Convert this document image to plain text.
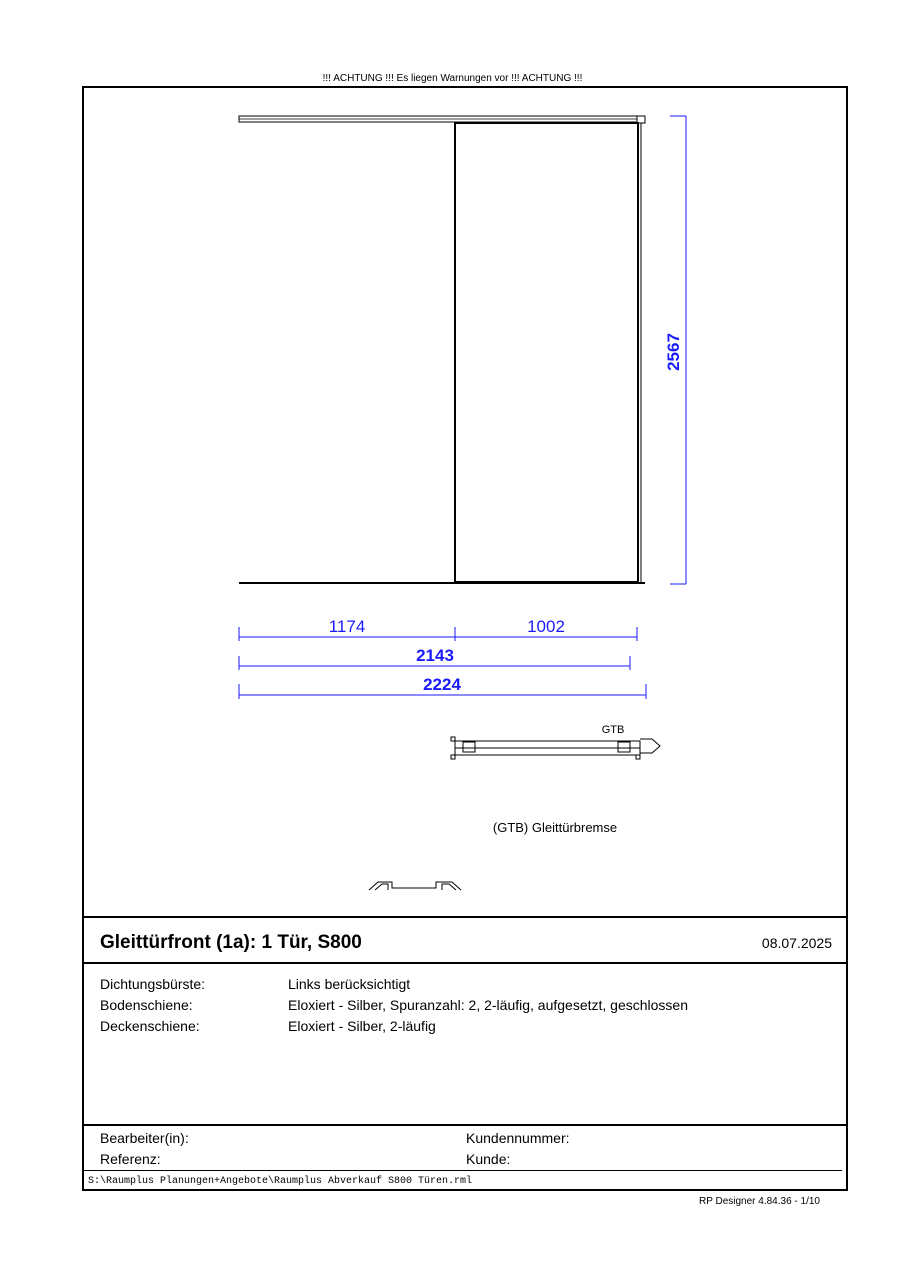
!!! ACHTUNG !!! Es liegen Warnungen vor !!! ACHTUNG !!!
2567
1174	1002
2143
2224
GTB
(GTB) Gleittürbremse
Gleittürfront (1a): 1 Tür, S800	08.07.2025
Dichtungsbürste:	Links berücksichtigt
Bodenschiene:	Eloxiert - Silber, Spuranzahl: 2, 2-läufig, aufgesetzt, geschlossen
Deckenschiene:	Eloxiert - Silber, 2-läufig
Bearbeiter(in):	Kundennummer:
Referenz:	Kunde:
S:\Raumplus Planungen+Angebote\Raumplus Abverkauf S800 Türen.rml
RP Designer 4.84.36 - 1/10
